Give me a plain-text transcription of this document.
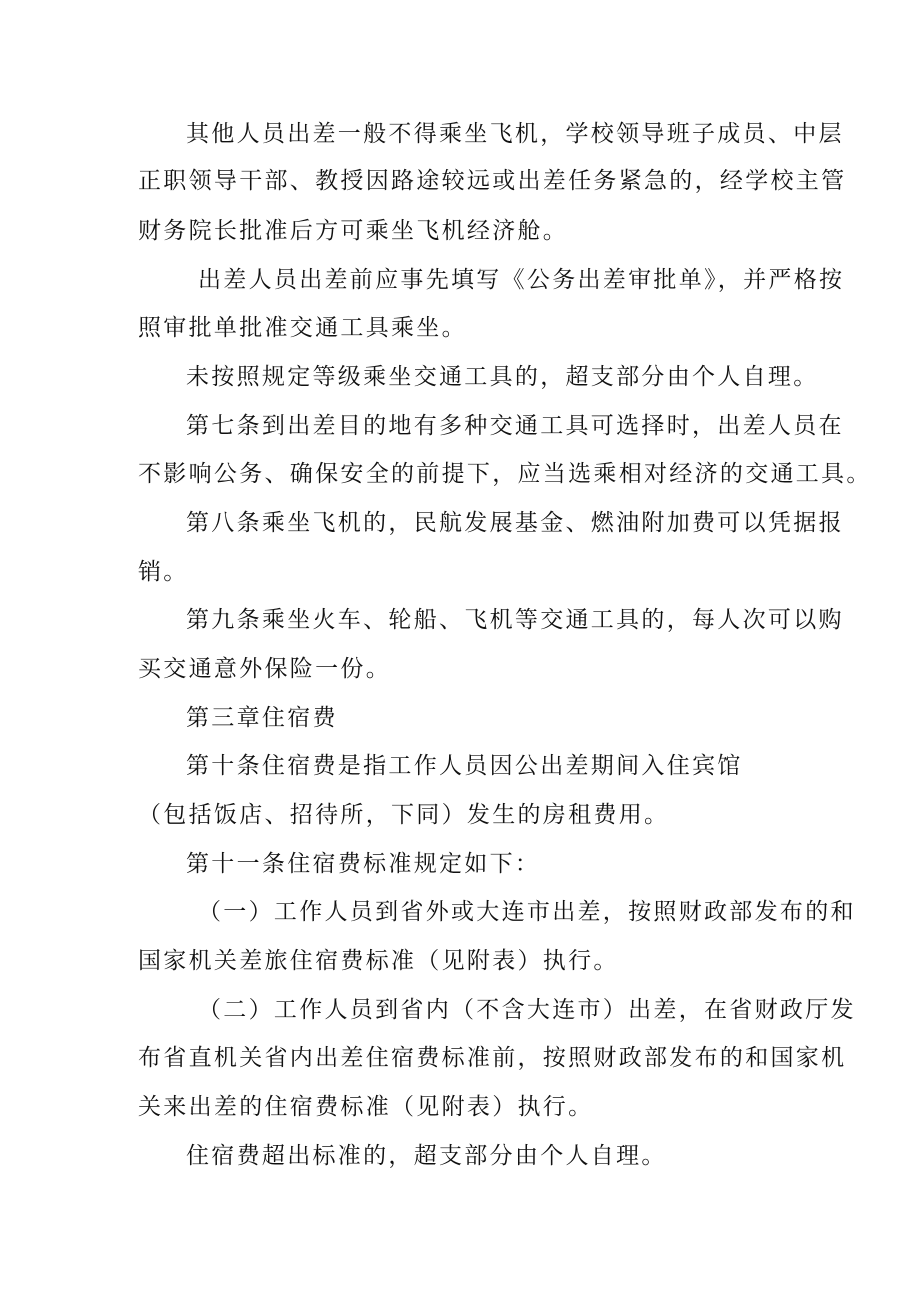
其他人员出差一般不得乘坐飞机，学校领导班子成员、中层
正职领导干部、教授因路途较远或出差任务紧急的，经学校主管
财务院长批准后方可乘坐飞机经济舱。
出差人员出差前应事先填写《公务出差审批单》，并严格按
照审批单批准交通工具乘坐。
未按照规定等级乘坐交通工具的，超支部分由个人自理。
第七条到出差目的地有多种交通工具可选择时，出差人员在
不影响公务、确保安全的前提下，应当选乘相对经济的交通工具。
第八条乘坐飞机的，民航发展基金、燃油附加费可以凭据报
销。
第九条乘坐火车、轮船、飞机等交通工具的，每人次可以购
买交通意外保险一份。
第三章住宿费
第十条住宿费是指工作人员因公出差期间入住宾馆
（包括饭店、招待所，下同）发生的房租费用。
第十一条住宿费标准规定如下：
（一）工作人员到省外或大连市出差，按照财政部发布的和
国家机关差旅住宿费标准（见附表）执行。
（二）工作人员到省内（不含大连市）出差，在省财政厅发
布省直机关省内出差住宿费标准前，按照财政部发布的和国家机
关来出差的住宿费标准（见附表）执行。
住宿费超出标准的，超支部分由个人自理。
